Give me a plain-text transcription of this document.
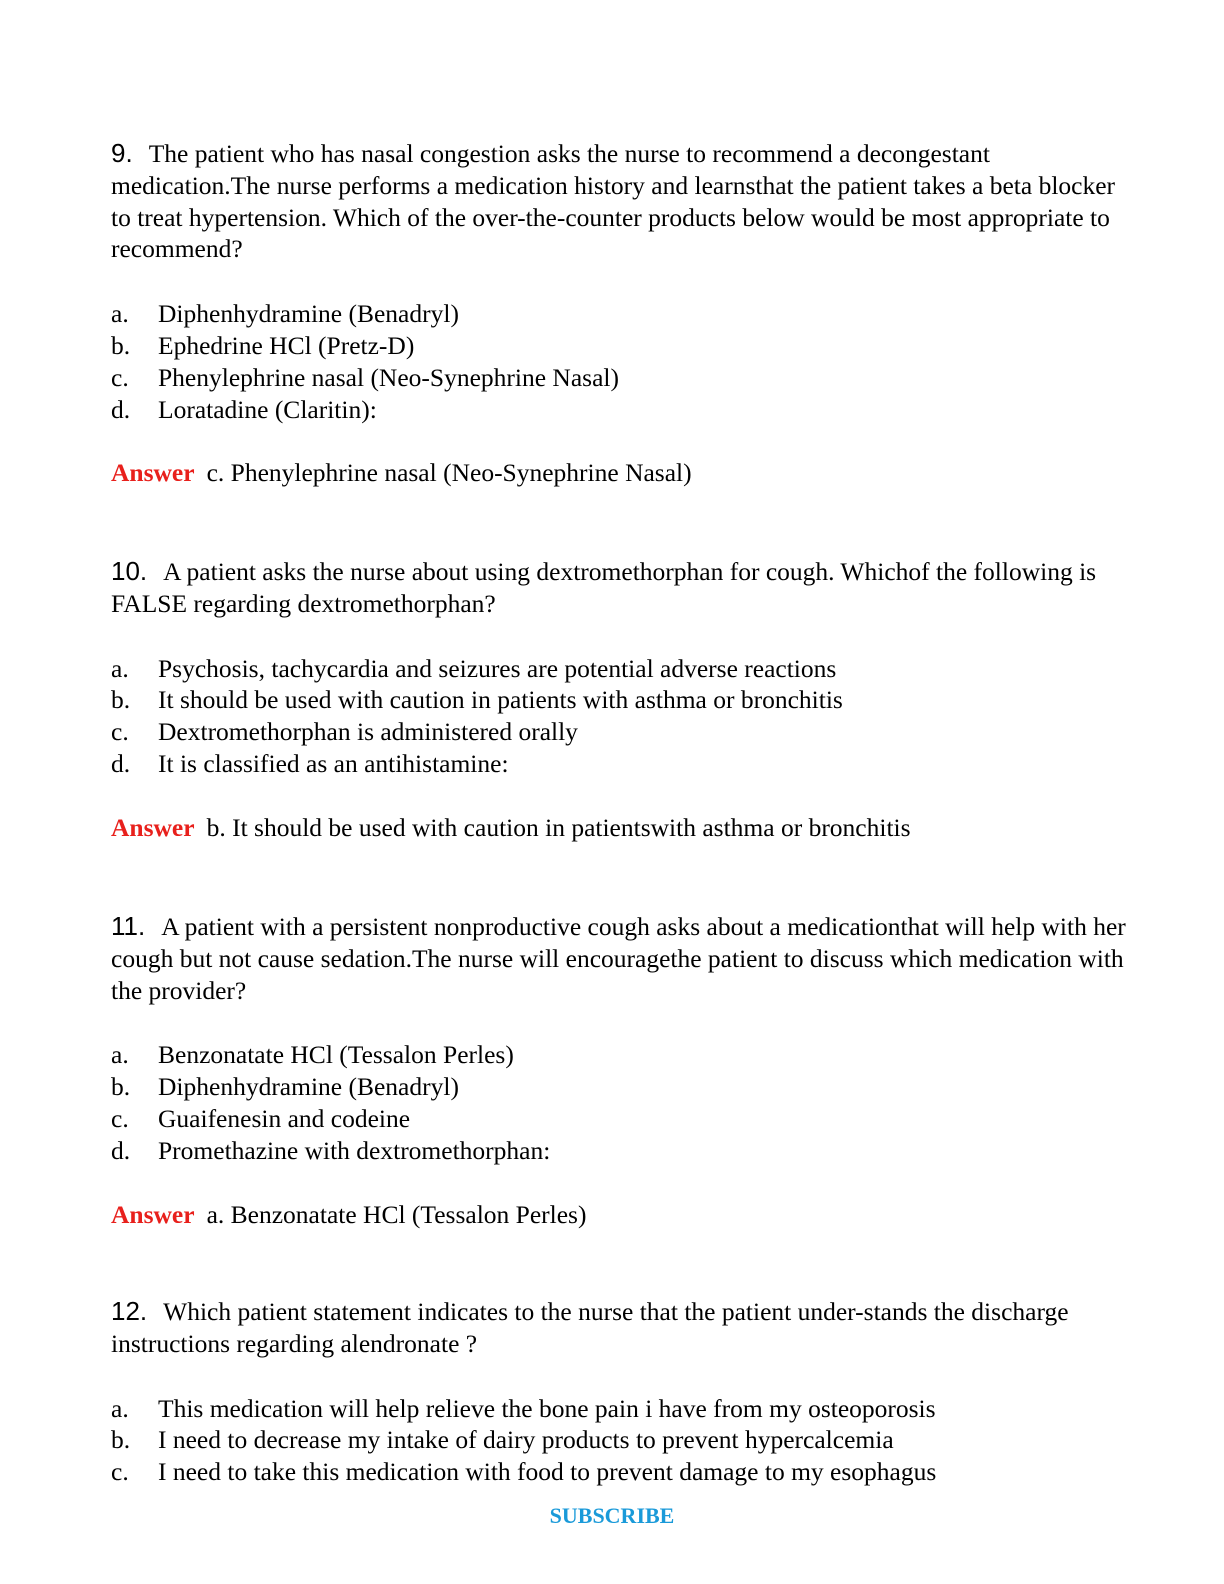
9. The patient who has nasal congestion asks the nurse to recommend a decongestant medication.The nurse performs a medication history and learnsthat the patient takes a beta blocker to treat hypertension. Which of the over-the-counter products below would be most appropriate to recommend?

a.	Diphenhydramine (Benadryl)
b.	Ephedrine HCl (Pretz-D)
c.	Phenylephrine nasal (Neo-Synephrine Nasal)
d.	Loratadine (Claritin):

Answer c. Phenylephrine nasal (Neo-Synephrine Nasal)

10. A patient asks the nurse about using dextromethorphan for cough. Whichof the following is FALSE regarding dextromethorphan?

a.	Psychosis, tachycardia and seizures are potential adverse reactions
b.	It should be used with caution in patients with asthma or bronchitis
c.	Dextromethorphan is administered orally
d.	It is classified as an antihistamine:

Answer b. It should be used with caution in patientswith asthma or bronchitis

11. A patient with a persistent nonproductive cough asks about a medicationthat will help with her cough but not cause sedation.The nurse will encouragethe patient to discuss which medication with the provider?

a.	Benzonatate HCl (Tessalon Perles)
b.	Diphenhydramine (Benadryl)
c.	Guaifenesin and codeine
d.	Promethazine with dextromethorphan:

Answer a. Benzonatate HCl (Tessalon Perles)

12. Which patient statement indicates to the nurse that the patient under-stands the discharge instructions regarding alendronate ?

a.	This medication will help relieve the bone pain i have from my osteoporosis
b.	I need to decrease my intake of dairy products to prevent hypercalcemia
c.	I need to take this medication with food to prevent damage to my esophagus
SUBSCRIBE
